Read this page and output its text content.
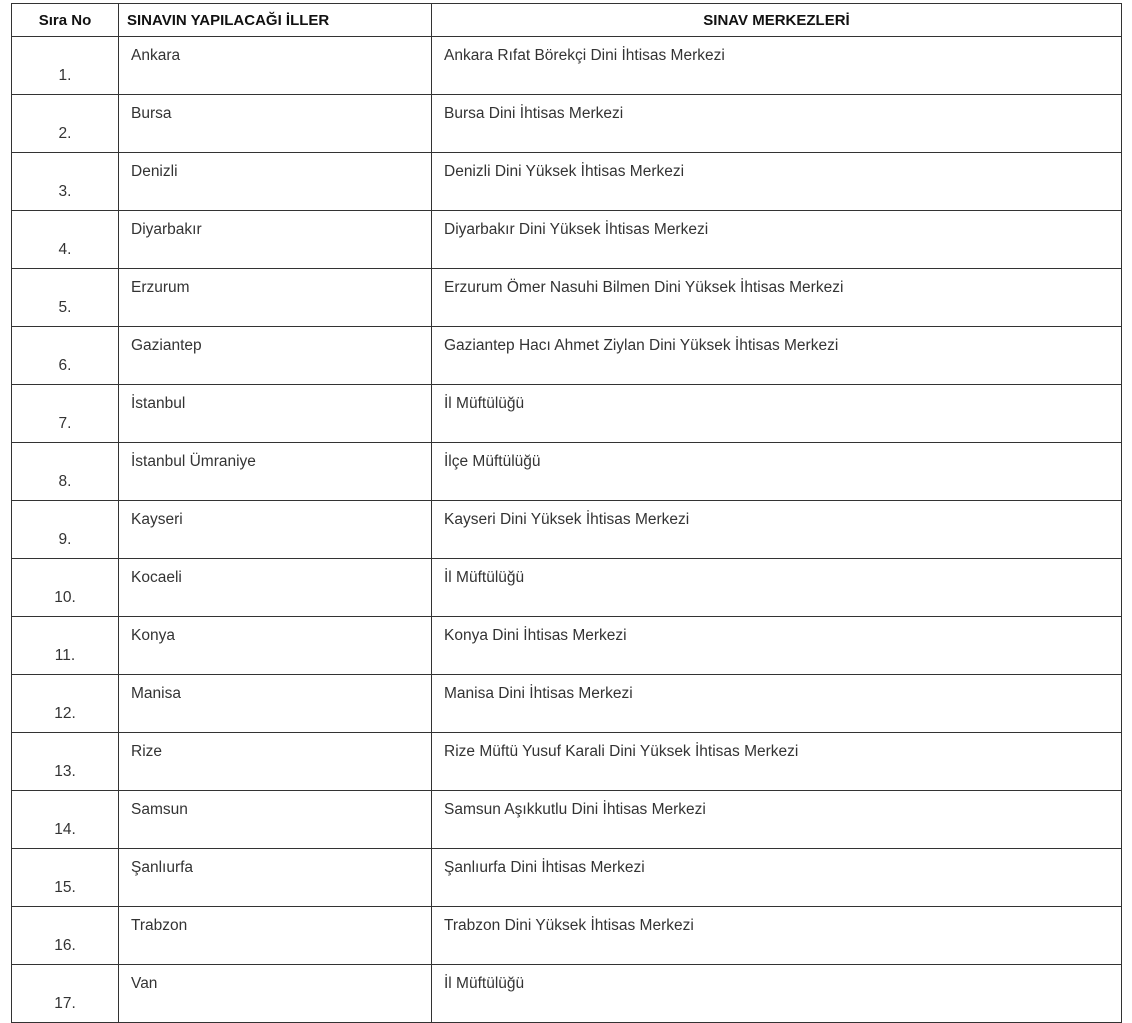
Sıra No	SINAVIN YAPILACAĞI İLLER	SINAV MERKEZLERİ
1.	Ankara	Ankara Rıfat Börekçi Dini İhtisas Merkezi
2.	Bursa	Bursa Dini İhtisas Merkezi
3.	Denizli	Denizli Dini Yüksek İhtisas Merkezi
4.	Diyarbakır	Diyarbakır Dini Yüksek İhtisas Merkezi
5.	Erzurum	Erzurum Ömer Nasuhi Bilmen Dini Yüksek İhtisas Merkezi
6.	Gaziantep	Gaziantep Hacı Ahmet Ziylan Dini Yüksek İhtisas Merkezi
7.	İstanbul	İl Müftülüğü
8.	İstanbul Ümraniye	İlçe Müftülüğü
9.	Kayseri	Kayseri Dini Yüksek İhtisas Merkezi
10.	Kocaeli	İl Müftülüğü
11.	Konya	Konya Dini İhtisas Merkezi
12.	Manisa	Manisa Dini İhtisas Merkezi
13.	Rize	Rize Müftü Yusuf Karali Dini Yüksek İhtisas Merkezi
14.	Samsun	Samsun Aşıkkutlu Dini İhtisas Merkezi
15.	Şanlıurfa	Şanlıurfa Dini İhtisas Merkezi
16.	Trabzon	Trabzon Dini Yüksek İhtisas Merkezi
17.	Van	İl Müftülüğü
